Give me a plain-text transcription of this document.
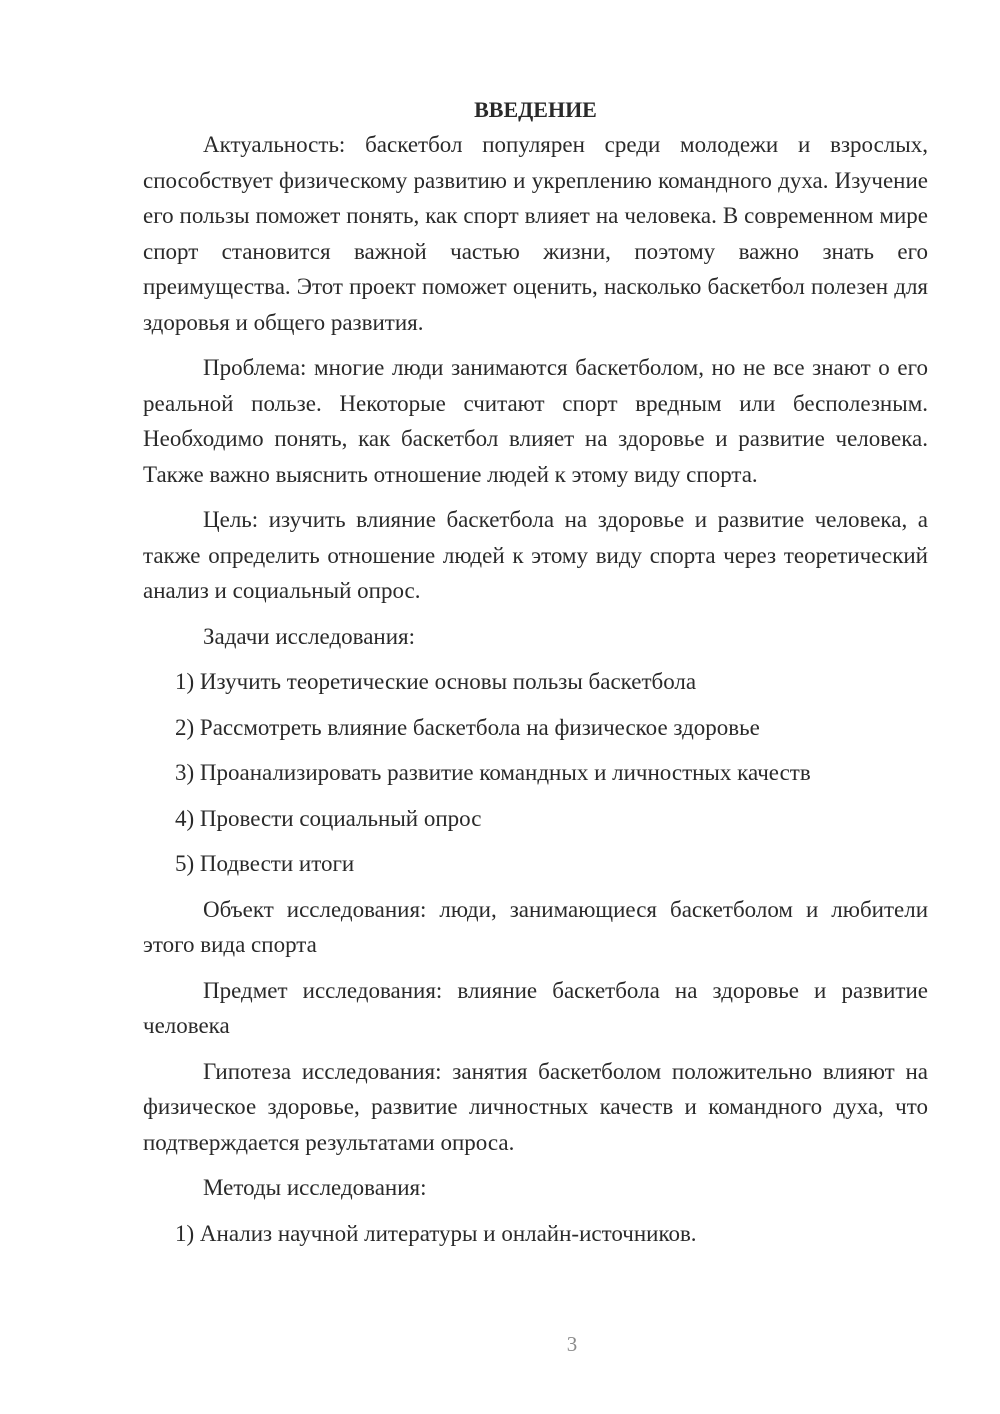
ВВЕДЕНИЕ

Актуальность: баскетбол популярен среди молодежи и взрослых, способствует физическому развитию и укреплению командного духа. Изучение его пользы поможет понять, как спорт влияет на человека. В современном мире спорт становится важной частью жизни, поэтому важно знать его преимущества. Этот проект поможет оценить, насколько баскетбол полезен для здоровья и общего развития.

Проблема: многие люди занимаются баскетболом, но не все знают о его реальной пользе. Некоторые считают спорт вредным или бесполезным. Необходимо понять, как баскетбол влияет на здоровье и развитие человека. Также важно выяснить отношение людей к этому виду спорта.

Цель: изучить влияние баскетбола на здоровье и развитие человека, а также определить отношение людей к этому виду спорта через теоретический анализ и социальный опрос.

Задачи исследования:

1) Изучить теоретические основы пользы баскетбола

2) Рассмотреть влияние баскетбола на физическое здоровье

3) Проанализировать развитие командных и личностных качеств

4) Провести социальный опрос

5) Подвести итоги

Объект исследования: люди, занимающиеся баскетболом и любители этого вида спорта

Предмет исследования: влияние баскетбола на здоровье и развитие человека

Гипотеза исследования: занятия баскетболом положительно влияют на физическое здоровье, развитие личностных качеств и командного духа, что подтверждается результатами опроса.

Методы исследования:

1) Анализ научной литературы и онлайн-источников.

3
